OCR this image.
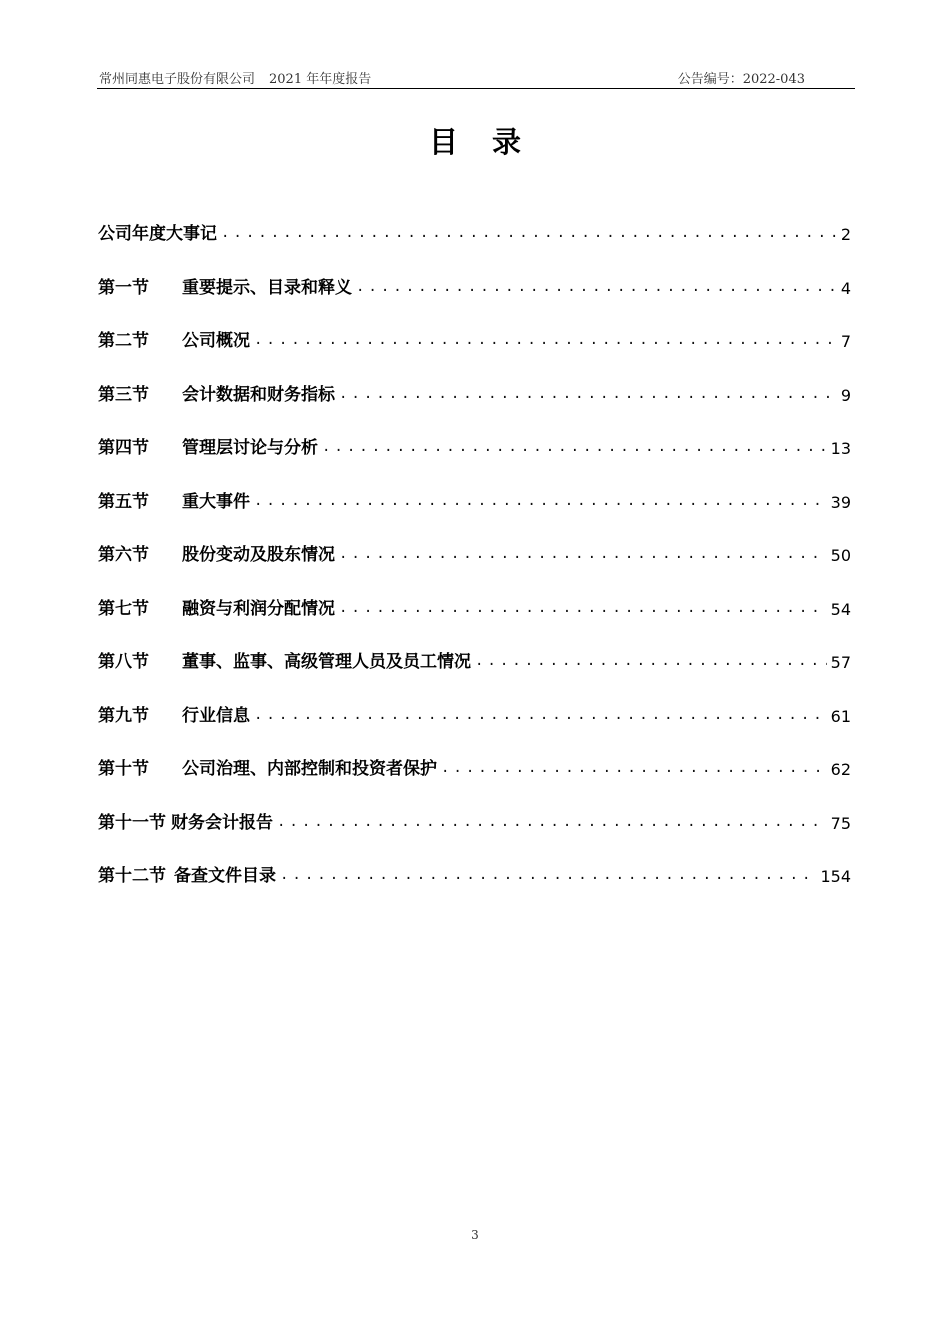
常州同惠电子股份有限公司 2021 年年度报告	公告编号：2022-043
目录
公司年度大事记 .....	2
第一节	重要提示、目录和释义 .....	4
第二节	公司概况 .....	7
第三节	会计数据和财务指标 .....	9
第四节	管理层讨论与分析 .....	13
第五节	重大事件 .....	39
第六节	股份变动及股东情况 .....	50
第七节	融资与利润分配情况 .....	54
第八节	董事、监事、高级管理人员及员工情况 .....	57
第九节	行业信息 .....	61
第十节	公司治理、内部控制和投资者保护 .....	62
第十一节 财务会计报告 .....	75
第十二节 备查文件目录 .....	154
3
